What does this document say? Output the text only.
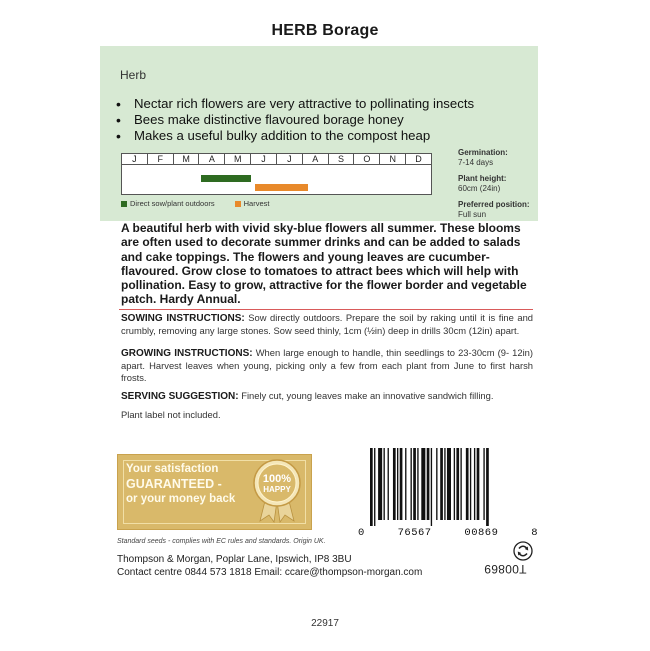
HERB Borage
Herb
• Nectar rich flowers are very attractive to pollinating insects
• Bees make distinctive flavoured borage honey
• Makes a useful bulky addition to the compost heap
J	F	M	A	M	J	J	A	S	O	N	D
Direct sow/plant outdoors	Harvest
Germination:
7-14 days
Plant height:
60cm (24in)
Preferred position:
Full sun
A beautiful herb with vivid sky-blue flowers all summer. These blooms are often used to decorate summer drinks and can be added to salads and cake toppings. The flowers and young leaves are cucumber-flavoured. Grow close to tomatoes to attract bees which will help with pollination. Easy to grow, attractive for the flower border and vegetable patch. Hardy Annual.

SOWING INSTRUCTIONS: Sow directly outdoors. Prepare the soil by raking until it is fine and crumbly, removing any large stones. Sow seed thinly, 1cm (½in) deep in drills 30cm (12in) apart.

GROWING INSTRUCTIONS: When large enough to handle, thin seedlings to 23-30cm (9- 12in) apart. Harvest leaves when young, picking only a few from each plant from June to first harsh frosts.

SERVING SUGGESTION: Finely cut, young leaves make an innovative sandwich filling.

Plant label not included.

Your satisfaction
GUARANTEED -
or your money back
100%
HAPPY
0	76567	00869	8
Standard seeds - complies with EC rules and standards. Origin UK.
Thompson & Morgan, Poplar Lane, Ipswich, IP8 3BU
Contact centre 0844 573 1818 Email: ccare@thompson-morgan.com	T00869
22917
